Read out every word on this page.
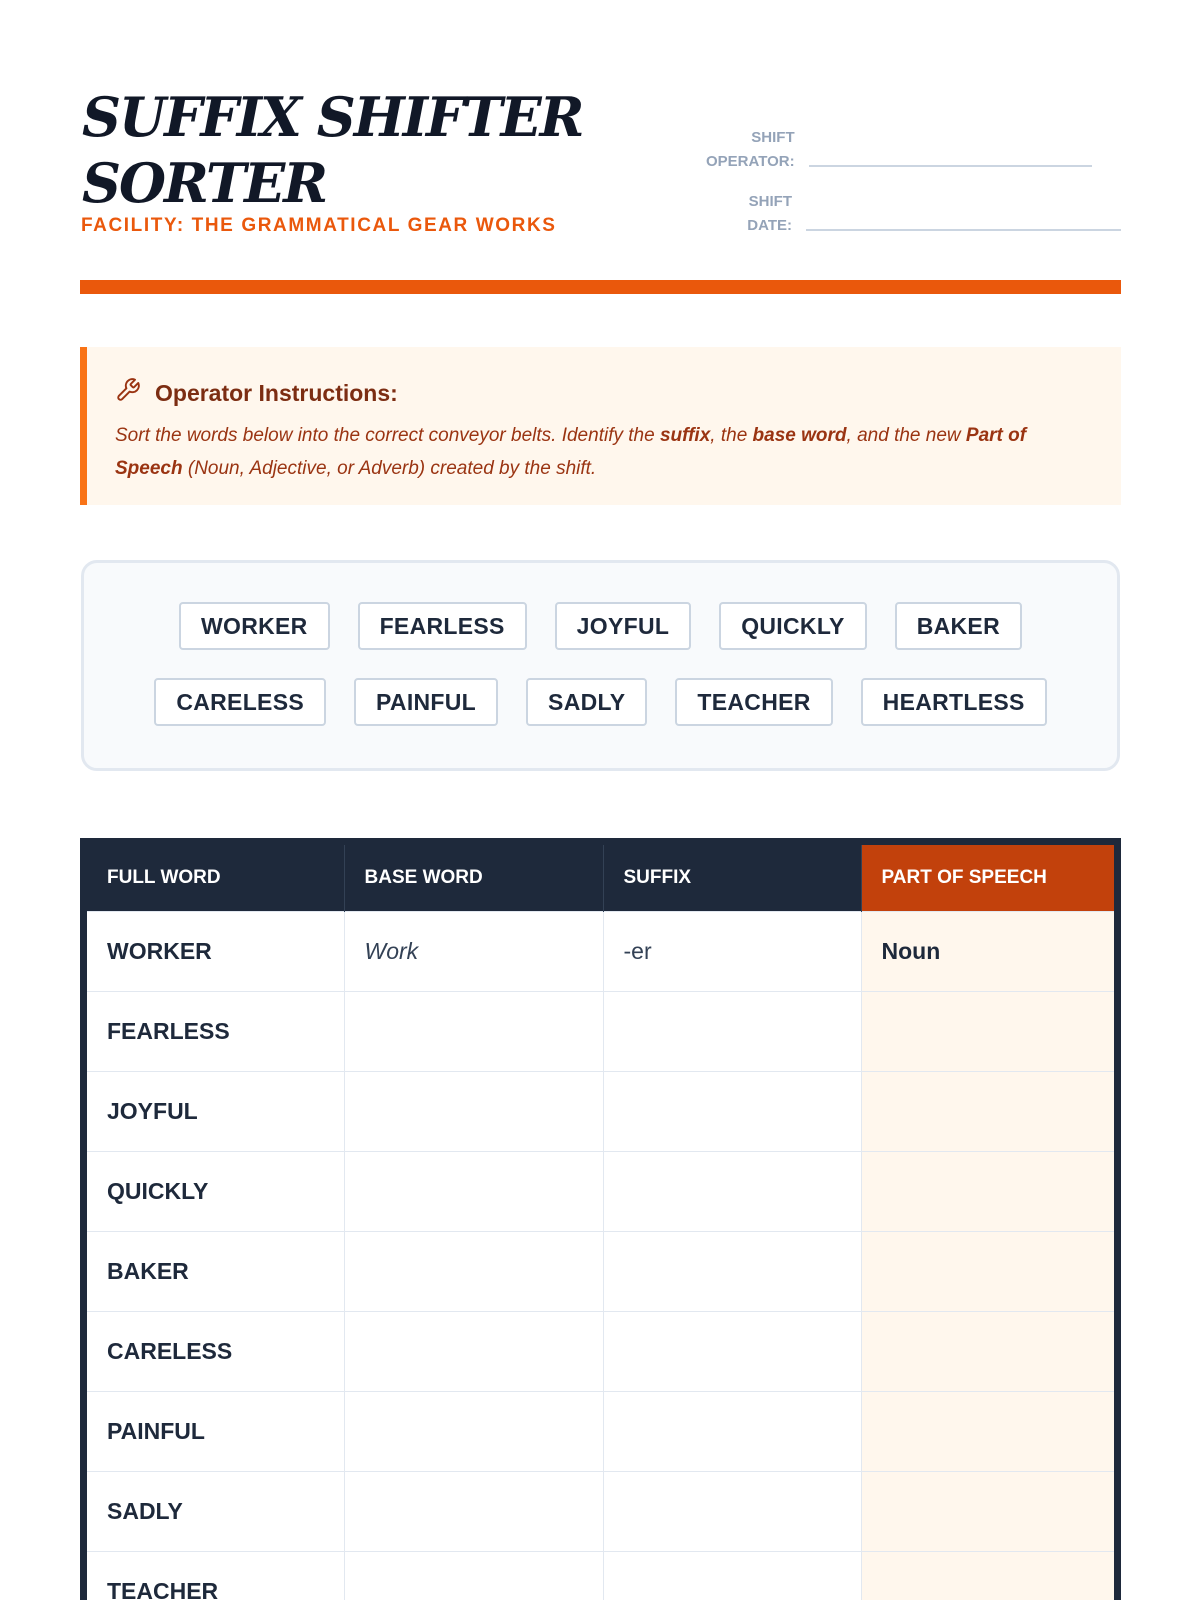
SUFFIX SHIFTER
SORTER
FACILITY: THE GRAMMATICAL GEAR WORKS
SHIFT
OPERATOR:
SHIFT
DATE:
Operator Instructions:
Sort the words below into the correct conveyor belts. Identify the suffix, the base word, and the new Part of Speech (Noun, Adjective, or Adverb) created by the shift.
WORKER	FEARLESS	JOYFUL	QUICKLY	BAKER
CARELESS	PAINFUL	SADLY	TEACHER	HEARTLESS
FULL WORD	BASE WORD	SUFFIX	PART OF SPEECH
WORKER	Work	-er	Noun
FEARLESS			
JOYFUL			
QUICKLY			
BAKER			
CARELESS			
PAINFUL			
SADLY			
TEACHER			
